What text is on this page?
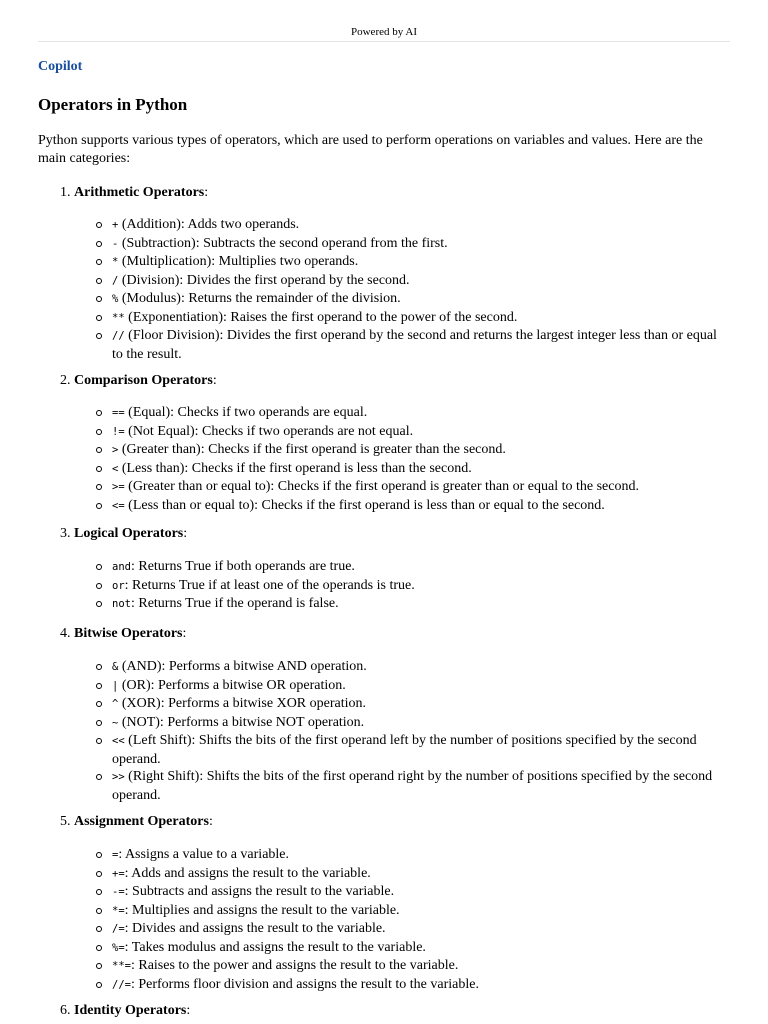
Powered by AI
Copilot
Operators in Python

Python supports various types of operators, which are used to perform operations on variables and values. Here are the main categories:

1. Arithmetic Operators:
+ (Addition): Adds two operands.
- (Subtraction): Subtracts the second operand from the first.
* (Multiplication): Multiplies two operands.
/ (Division): Divides the first operand by the second.
% (Modulus): Returns the remainder of the division.
** (Exponentiation): Raises the first operand to the power of the second.
// (Floor Division): Divides the first operand by the second and returns the largest integer less than or equal to the result.
2. Comparison Operators:
== (Equal): Checks if two operands are equal.
!= (Not Equal): Checks if two operands are not equal.
> (Greater than): Checks if the first operand is greater than the second.
< (Less than): Checks if the first operand is less than the second.
>= (Greater than or equal to): Checks if the first operand is greater than or equal to the second.
<= (Less than or equal to): Checks if the first operand is less than or equal to the second.
3. Logical Operators:
and: Returns True if both operands are true.
or: Returns True if at least one of the operands is true.
not: Returns True if the operand is false.
4. Bitwise Operators:
& (AND): Performs a bitwise AND operation.
| (OR): Performs a bitwise OR operation.
^ (XOR): Performs a bitwise XOR operation.
~ (NOT): Performs a bitwise NOT operation.
<< (Left Shift): Shifts the bits of the first operand left by the number of positions specified by the second operand.
>> (Right Shift): Shifts the bits of the first operand right by the number of positions specified by the second operand.
5. Assignment Operators:
=: Assigns a value to a variable.
+=: Adds and assigns the result to the variable.
-=: Subtracts and assigns the result to the variable.
*=: Multiplies and assigns the result to the variable.
/=: Divides and assigns the result to the variable.
%=: Takes modulus and assigns the result to the variable.
**=: Raises to the power and assigns the result to the variable.
//=: Performs floor division and assigns the result to the variable.
6. Identity Operators:
